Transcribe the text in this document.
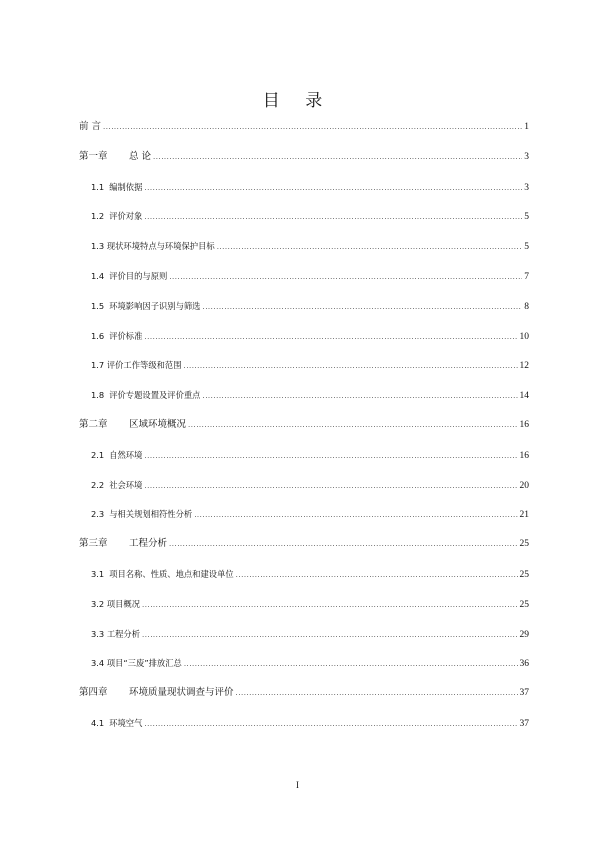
目 录
前 言 .....	1
第一章	总 论 .....	3
1.1 编制依据 .....	3
1.2 评价对象 .....	5
1.3 现状环境特点与环境保护目标 .....	5
1.4 评价目的与原则 .....	7
1.5 环境影响因子识别与筛选 .....	8
1.6 评价标准 .....	10
1.7 评价工作等级和范围 .....	12
1.8 评价专题设置及评价重点 .....	14
第二章	区域环境概况 .....	16
2.1 自然环境 .....	16
2.2 社会环境 .....	20
2.3 与相关规划相符性分析 .....	21
第三章	工程分析 .....	25
3.1 项目名称、性质、地点和建设单位 .....	25
3.2 项目概况 .....	25
3.3 工程分析 .....	29
3.4 项目“三废”排放汇总 .....	36
第四章	环境质量现状调查与评价 .....	37
4.1 环境空气 .....	37
I
